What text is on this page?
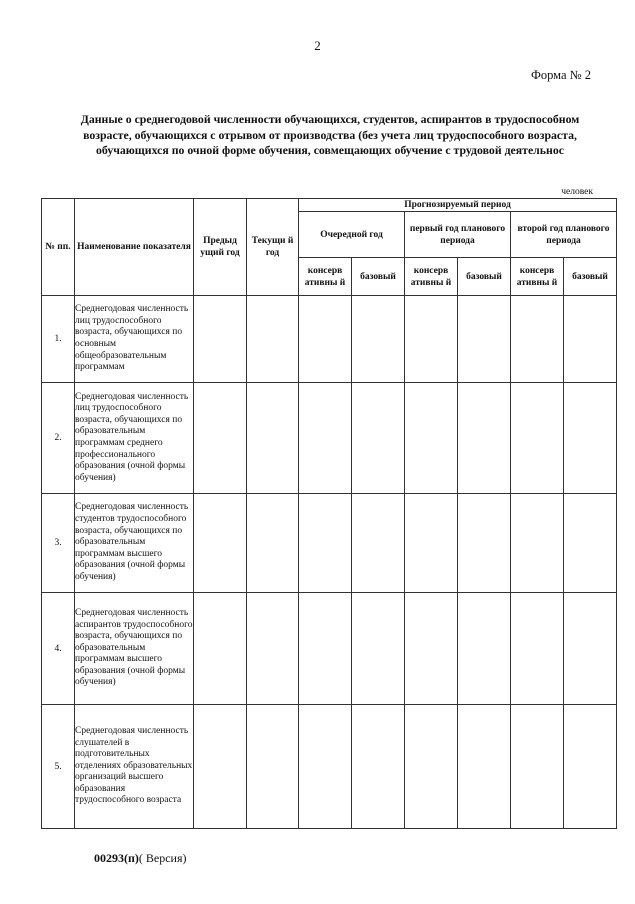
2
Форма № 2
Данные о среднегодовой численности обучающихся, студентов, аспирантов в трудоспособном возрасте, обучающихся с отрывом от производства (без учета лиц трудоспособного возраста, обучающихся по очной форме обучения, совмещающих обучение с трудовой деятельнос
человек
№ пп.	Наименование показателя	Предыд ущий год	Текущи й год	Прогнозируемый период					
				Очередной год		первый год планового периода		второй год планового периода	
				консерв ативны й	базовый	консерв ативны й	базовый	консерв ативны й	базовый
1.	Среднегодовая численность лиц трудоспособного возраста, обучающихся по основным общеобразовательным программам								
2.	Среднегодовая численность лиц трудоспособного возраста, обучающихся по образовательным программам среднего профессионального образования (очной формы обучения)								
3.	Среднегодовая численность студентов трудоспособного возраста, обучающихся по образовательным программам высшего образования (очной формы обучения)								
4.	Среднегодовая численность аспирантов трудоспособного возраста, обучающихся по образовательным программам высшего образования (очной формы обучения)								
5.	Среднегодовая численность слушателей в подготовительных отделениях образовательных организаций высшего образования трудоспособного возраста								
00293(п)( Версия)
